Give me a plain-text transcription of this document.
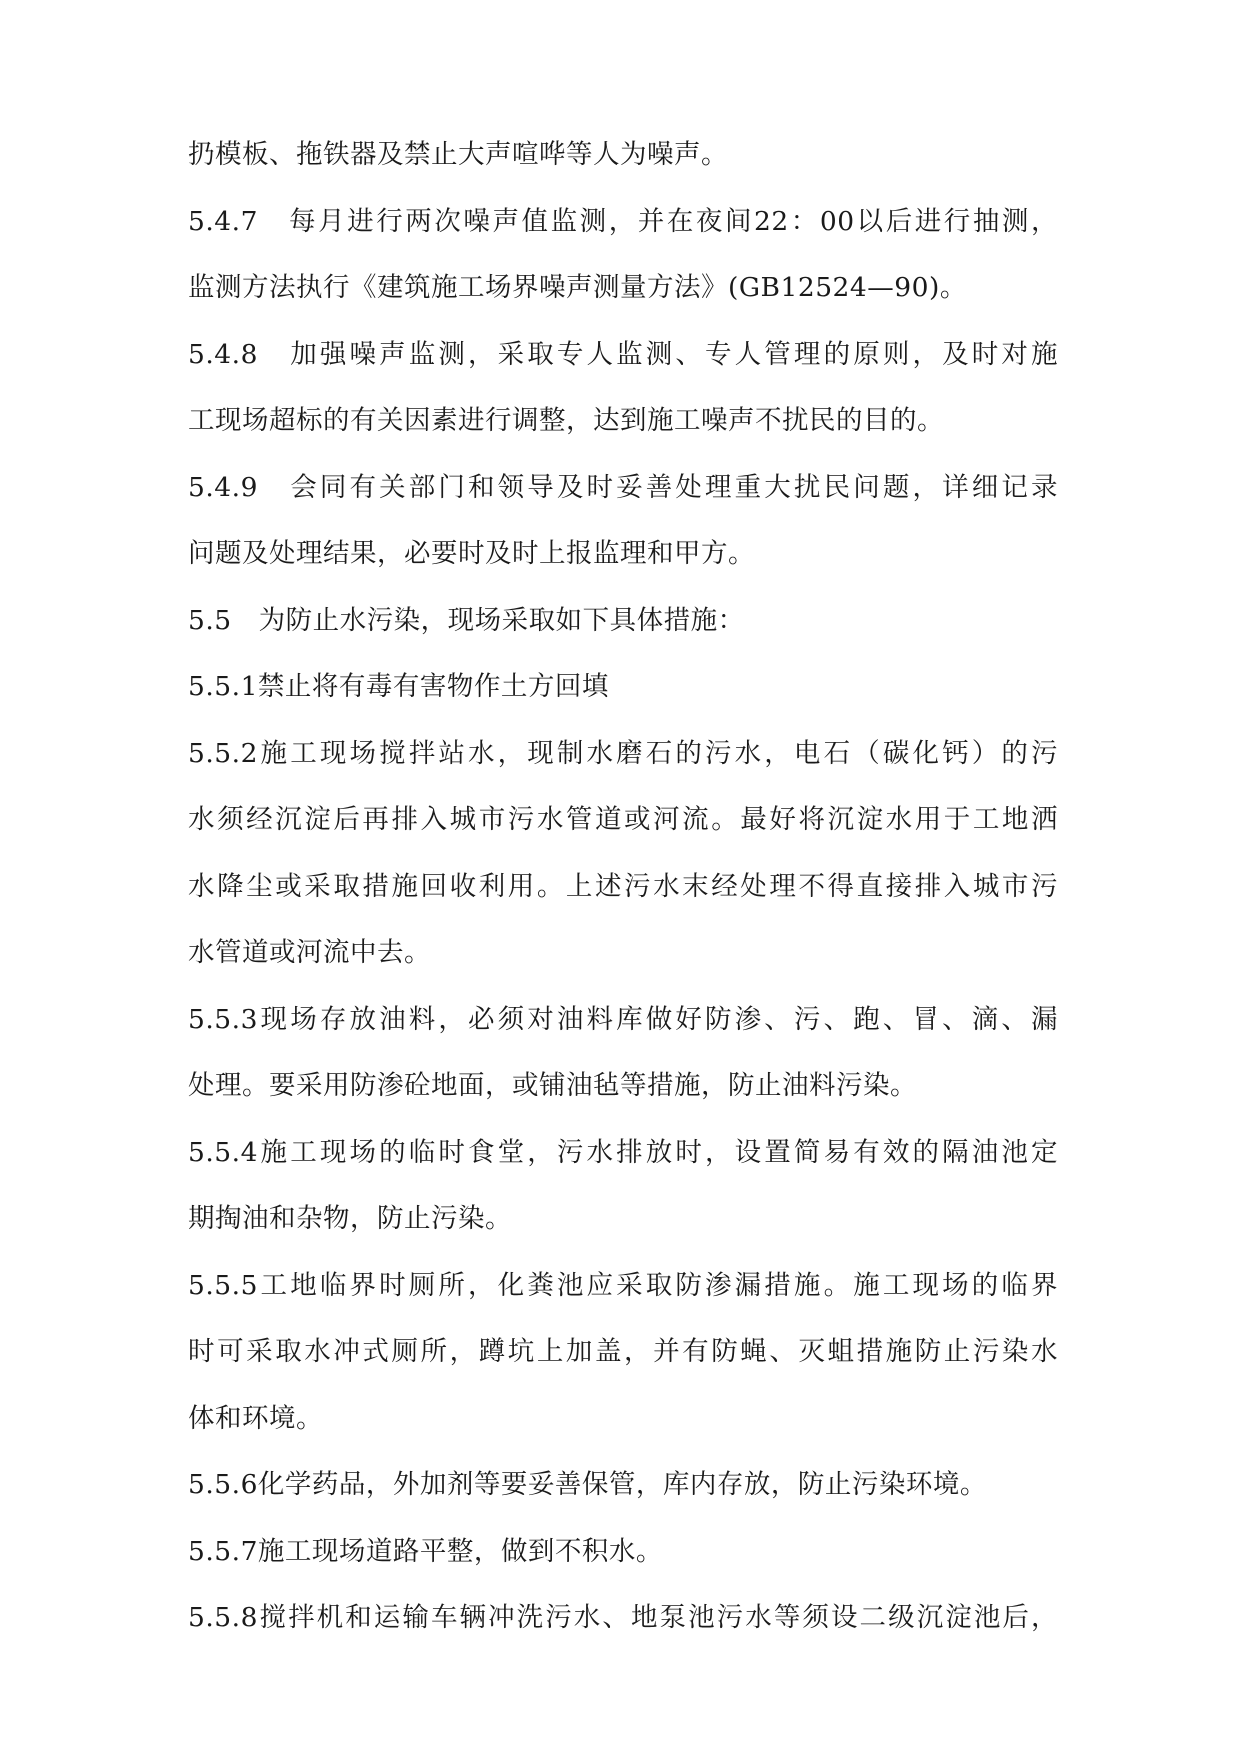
扔模板、拖铁器及禁止大声喧哗等人为噪声。
5.4.7　每月进行两次噪声值监测，并在夜间22：00以后进行抽测，
监测方法执行《建筑施工场界噪声测量方法》(GB12524—90)。
5.4.8　加强噪声监测，采取专人监测、专人管理的原则，及时对施
工现场超标的有关因素进行调整，达到施工噪声不扰民的目的。
5.4.9　会同有关部门和领导及时妥善处理重大扰民问题，详细记录
问题及处理结果，必要时及时上报监理和甲方。
5.5　为防止水污染，现场采取如下具体措施：
5.5.1禁止将有毒有害物作土方回填
5.5.2施工现场搅拌站水，现制水磨石的污水，电石（碳化钙）的污
水须经沉淀后再排入城市污水管道或河流。最好将沉淀水用于工地洒
水降尘或采取措施回收利用。上述污水末经处理不得直接排入城市污
水管道或河流中去。
5.5.3现场存放油料，必须对油料库做好防渗、污、跑、冒、滴、漏
处理。要采用防渗砼地面，或铺油毡等措施，防止油料污染。
5.5.4施工现场的临时食堂，污水排放时，设置简易有效的隔油池定
期掏油和杂物，防止污染。
5.5.5工地临界时厕所，化粪池应采取防渗漏措施。施工现场的临界
时可采取水冲式厕所，蹲坑上加盖，并有防蝇、灭蛆措施防止污染水
体和环境。
5.5.6化学药品，外加剂等要妥善保管，库内存放，防止污染环境。
5.5.7施工现场道路平整，做到不积水。
5.5.8搅拌机和运输车辆冲洗污水、地泵池污水等须设二级沉淀池后，
